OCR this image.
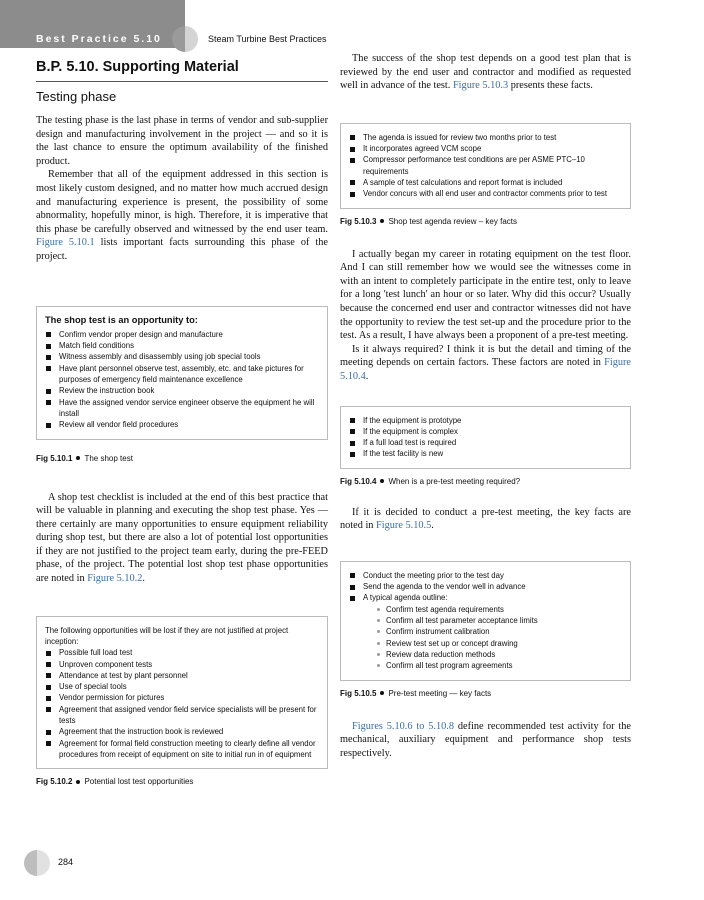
Best Practice 5.10	Steam Turbine Best Practices
B.P. 5.10. Supporting Material
Testing phase

The testing phase is the last phase in terms of vendor and sub-supplier design and manufacturing involvement in the project — and so it is the last chance to ensure the optimum availability of the finished product.

Remember that all of the equipment addressed in this section is most likely custom designed, and no matter how much accrued design and manufacturing experience is present, the possibility of some abnormality, hopefully minor, is high. Therefore, it is imperative that this phase be carefully observed and witnessed by the end user team. Figure 5.10.1 lists important facts surrounding this phase of the project.

The shop test is an opportunity to:
Confirm vendor proper design and manufacture
Match field conditions
Witness assembly and disassembly using job special tools
Have plant personnel observe test, assembly, etc. and take pictures for purposes of emergency field maintenance excellence
Review the instruction book
Have the assigned vendor service engineer observe the equipment he will install
Review all vendor field procedures
Fig 5.10.1 The shop test

A shop test checklist is included at the end of this best practice that will be valuable in planning and executing the shop test phase. Yes — there certainly are many opportunities to ensure equipment reliability during shop test, but there are also a lot of potential lost opportunities if they are not justified to the project team early, during the pre-FEED phase, of the project. The potential lost shop test phase opportunities are noted in Figure 5.10.2.

The following opportunities will be lost if they are not justified at project inception:
Possible full load test
Unproven component tests
Attendance at test by plant personnel
Use of special tools
Vendor permission for pictures
Agreement that assigned vendor field service specialists will be present for tests
Agreement that the instruction book is reviewed
Agreement for formal field construction meeting to clearly define all vendor procedures from receipt of equipment on site to initial run in of equipment
Fig 5.10.2 Potential lost test opportunities

The success of the shop test depends on a good test plan that is reviewed by the end user and contractor and modified as requested well in advance of the test. Figure 5.10.3 presents these facts.

The agenda is issued for review two months prior to test
It incorporates agreed VCM scope
Compressor performance test conditions are per ASME PTC–10 requirements
A sample of test calculations and report format is included
Vendor concurs with all end user and contractor comments prior to test
Fig 5.10.3 Shop test agenda review – key facts

I actually began my career in rotating equipment on the test floor. And I can still remember how we would see the witnesses come in with an intent to completely participate in the entire test, only to leave for a long 'test lunch' an hour or so later. Why did this occur? Usually because the concerned end user and contractor witnesses did not have the opportunity to review the test set-up and the procedure prior to the test. As a result, I have always been a proponent of a pre-test meeting.

Is it always required? I think it is but the detail and timing of the meeting depends on certain factors. These factors are noted in Figure 5.10.4.

If the equipment is prototype
If the equipment is complex
If a full load test is required
If the test facility is new
Fig 5.10.4 When is a pre-test meeting required?

If it is decided to conduct a pre-test meeting, the key facts are noted in Figure 5.10.5.

Conduct the meeting prior to the test day
Send the agenda to the vendor well in advance
A typical agenda outline:
Confirm test agenda requirements
Confirm all test parameter acceptance limits
Confirm instrument calibration
Review test set up or concept drawing
Review data reduction methods
Confirm all test program agreements
Fig 5.10.5 Pre-test meeting — key facts

Figures 5.10.6 to 5.10.8 define recommended test activity for the mechanical, auxiliary equipment and performance shop tests respectively.

284
